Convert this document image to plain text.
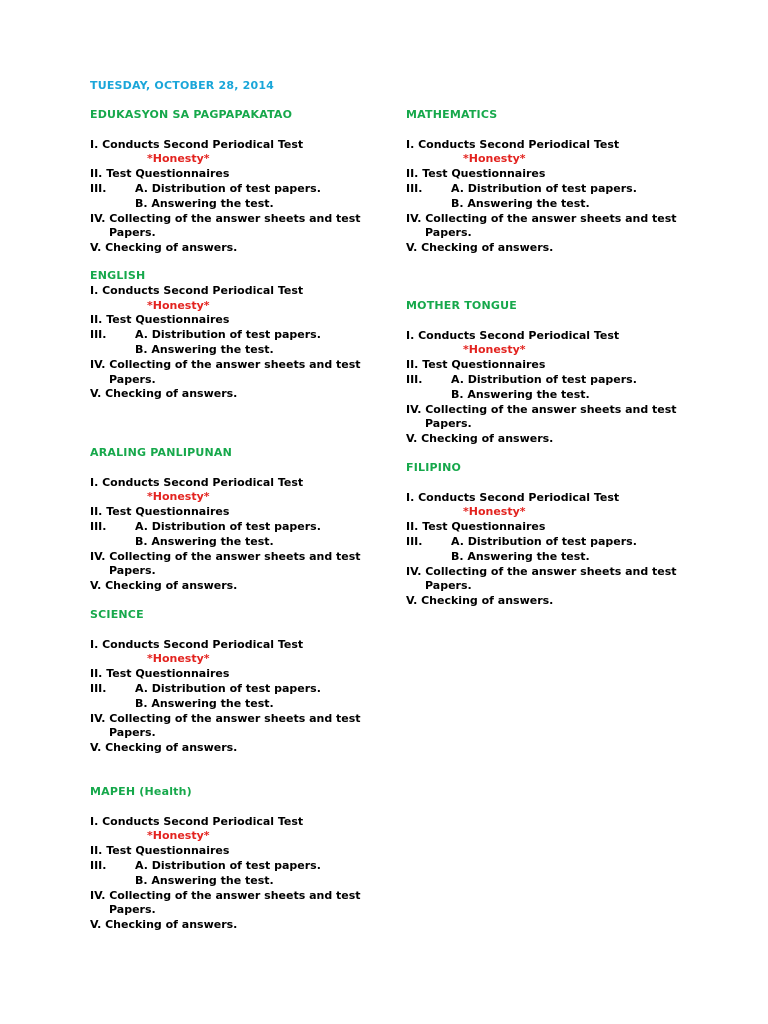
TUESDAY, OCTOBER 28, 2014
EDUKASYON SA PAGPAPAKATAO
I. Conducts Second Periodical Test
*Honesty*
II. Test Questionnaires
III.	A. Distribution of test papers.
B. Answering the test.
IV. Collecting of the answer sheets and test
Papers.
V. Checking of answers.
ENGLISH
I. Conducts Second Periodical Test
*Honesty*
II. Test Questionnaires
III.	A. Distribution of test papers.
B. Answering the test.
IV. Collecting of the answer sheets and test
Papers.
V. Checking of answers.
ARALING PANLIPUNAN
I. Conducts Second Periodical Test
*Honesty*
II. Test Questionnaires
III.	A. Distribution of test papers.
B. Answering the test.
IV. Collecting of the answer sheets and test
Papers.
V. Checking of answers.
SCIENCE
I. Conducts Second Periodical Test
*Honesty*
II. Test Questionnaires
III.	A. Distribution of test papers.
B. Answering the test.
IV. Collecting of the answer sheets and test
Papers.
V. Checking of answers.
MAPEH (Health)
I. Conducts Second Periodical Test
*Honesty*
II. Test Questionnaires
III.	A. Distribution of test papers.
B. Answering the test.
IV. Collecting of the answer sheets and test
Papers.
V. Checking of answers.
MATHEMATICS
I. Conducts Second Periodical Test
*Honesty*
II. Test Questionnaires
III.	A. Distribution of test papers.
B. Answering the test.
IV. Collecting of the answer sheets and test
Papers.
V. Checking of answers.
MOTHER TONGUE
I. Conducts Second Periodical Test
*Honesty*
II. Test Questionnaires
III.	A. Distribution of test papers.
B. Answering the test.
IV. Collecting of the answer sheets and test
Papers.
V. Checking of answers.
FILIPINO
I. Conducts Second Periodical Test
*Honesty*
II. Test Questionnaires
III.	A. Distribution of test papers.
B. Answering the test.
IV. Collecting of the answer sheets and test
Papers.
V. Checking of answers.
